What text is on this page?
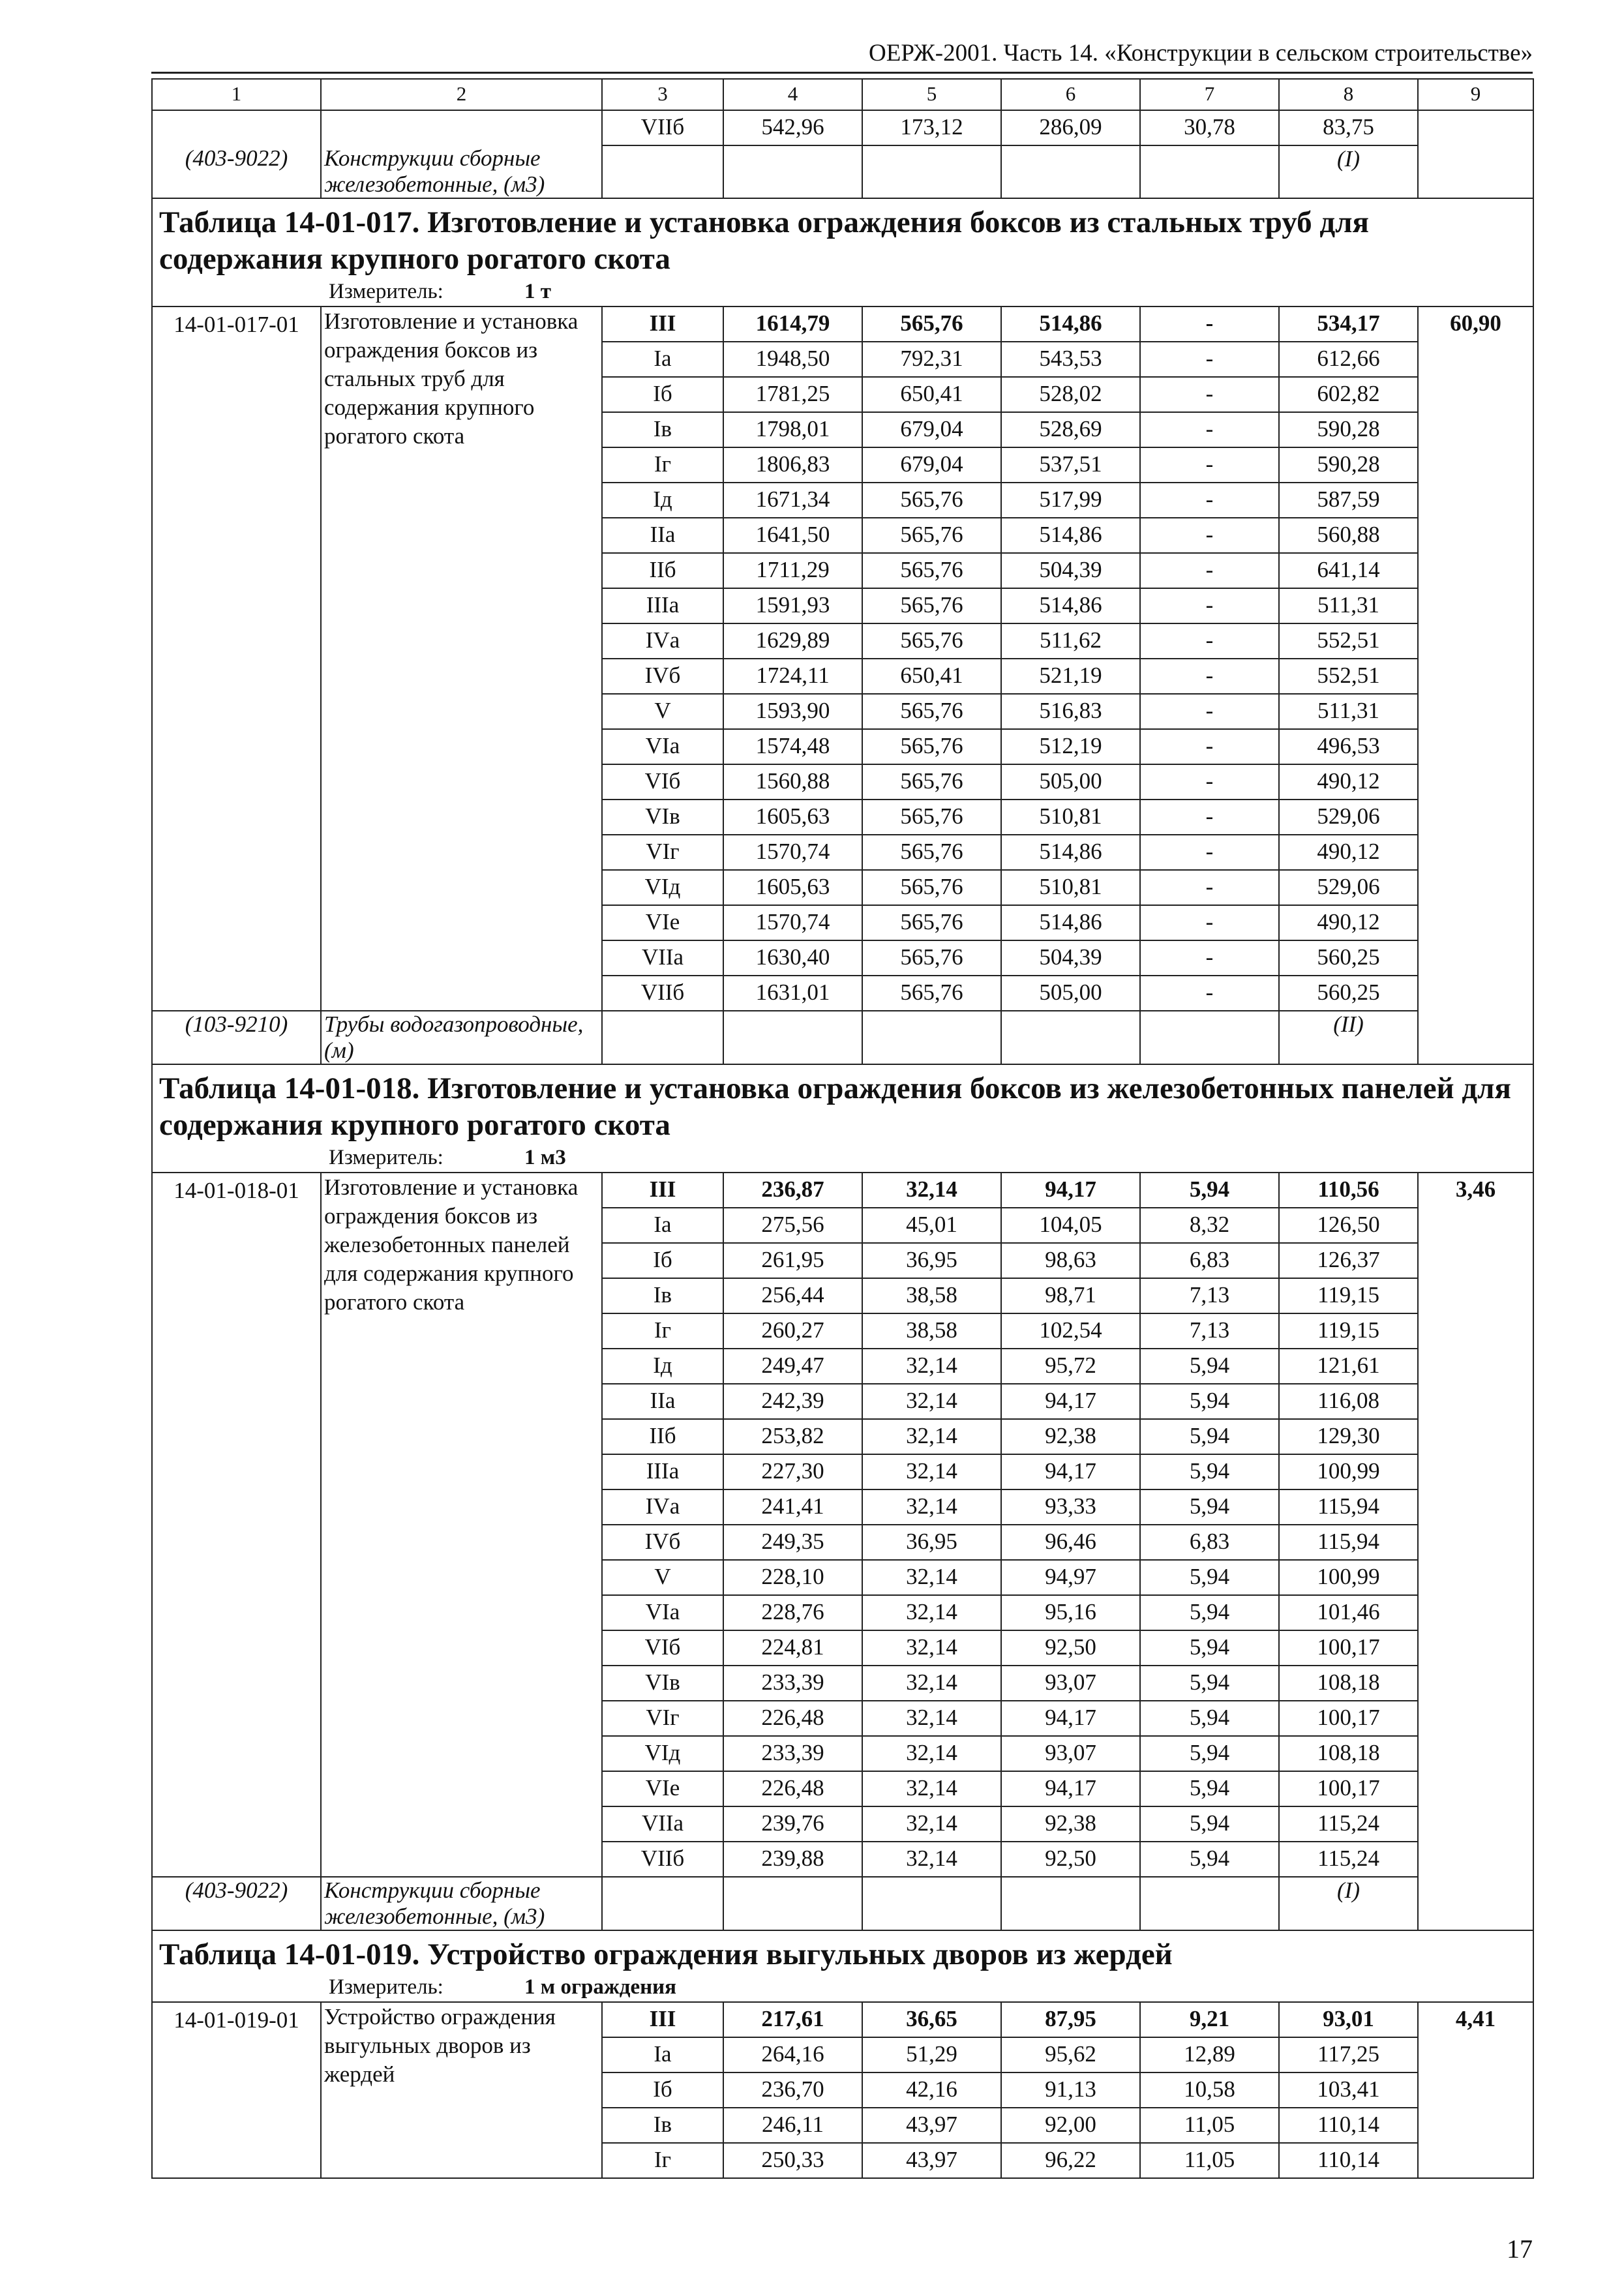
ОЕРЖ-2001. Часть 14. «Конструкции в сельском строительстве»
1	2	3	4	5	6	7	8	9
		VIIб	542,96	173,12	286,09	30,78	83,75	
(403-9022)	Конструкции сборные железобетонные, (м3)						(I)	
Таблица 14-01-017. Изготовление и установка ограждения боксов из стальных труб для содержания крупного рогатого скота								
Измеритель: 1 т								
14-01-017-01	Изготовление и установка ограждения боксов из стальных труб для содержания крупного рогатого скота	III	1614,79	565,76	514,86	-	534,17	60,90
		Iа	1948,50	792,31	543,53	-	612,66	
		Iб	1781,25	650,41	528,02	-	602,82	
		Iв	1798,01	679,04	528,69	-	590,28	
		Iг	1806,83	679,04	537,51	-	590,28	
		Iд	1671,34	565,76	517,99	-	587,59	
		IIа	1641,50	565,76	514,86	-	560,88	
		IIб	1711,29	565,76	504,39	-	641,14	
		IIIа	1591,93	565,76	514,86	-	511,31	
		IVа	1629,89	565,76	511,62	-	552,51	
		IVб	1724,11	650,41	521,19	-	552,51	
		V	1593,90	565,76	516,83	-	511,31	
		VIа	1574,48	565,76	512,19	-	496,53	
		VIб	1560,88	565,76	505,00	-	490,12	
		VIв	1605,63	565,76	510,81	-	529,06	
		VIг	1570,74	565,76	514,86	-	490,12	
		VIд	1605,63	565,76	510,81	-	529,06	
		VIе	1570,74	565,76	514,86	-	490,12	
		VIIа	1630,40	565,76	504,39	-	560,25	
		VIIб	1631,01	565,76	505,00	-	560,25	
(103-9210)	Трубы водогазопроводные, (м)						(II)	
Таблица 14-01-018. Изготовление и установка ограждения боксов из железобетонных панелей для содержания крупного рогатого скота								
Измеритель: 1 м3								
14-01-018-01	Изготовление и установка ограждения боксов из железобетонных панелей для содержания крупного рогатого скота	III	236,87	32,14	94,17	5,94	110,56	3,46
		Iа	275,56	45,01	104,05	8,32	126,50	
		Iб	261,95	36,95	98,63	6,83	126,37	
		Iв	256,44	38,58	98,71	7,13	119,15	
		Iг	260,27	38,58	102,54	7,13	119,15	
		Iд	249,47	32,14	95,72	5,94	121,61	
		IIа	242,39	32,14	94,17	5,94	116,08	
		IIб	253,82	32,14	92,38	5,94	129,30	
		IIIа	227,30	32,14	94,17	5,94	100,99	
		IVа	241,41	32,14	93,33	5,94	115,94	
		IVб	249,35	36,95	96,46	6,83	115,94	
		V	228,10	32,14	94,97	5,94	100,99	
		VIа	228,76	32,14	95,16	5,94	101,46	
		VIб	224,81	32,14	92,50	5,94	100,17	
		VIв	233,39	32,14	93,07	5,94	108,18	
		VIг	226,48	32,14	94,17	5,94	100,17	
		VIд	233,39	32,14	93,07	5,94	108,18	
		VIе	226,48	32,14	94,17	5,94	100,17	
		VIIа	239,76	32,14	92,38	5,94	115,24	
		VIIб	239,88	32,14	92,50	5,94	115,24	
(403-9022)	Конструкции сборные железобетонные, (м3)						(I)	
Таблица 14-01-019. Устройство ограждения выгульных дворов из жердей								
Измеритель: 1 м ограждения								
14-01-019-01	Устройство ограждения выгульных дворов из жердей	III	217,61	36,65	87,95	9,21	93,01	4,41
		Iа	264,16	51,29	95,62	12,89	117,25	
		Iб	236,70	42,16	91,13	10,58	103,41	
		Iв	246,11	43,97	92,00	11,05	110,14	
		Iг	250,33	43,97	96,22	11,05	110,14	
17
